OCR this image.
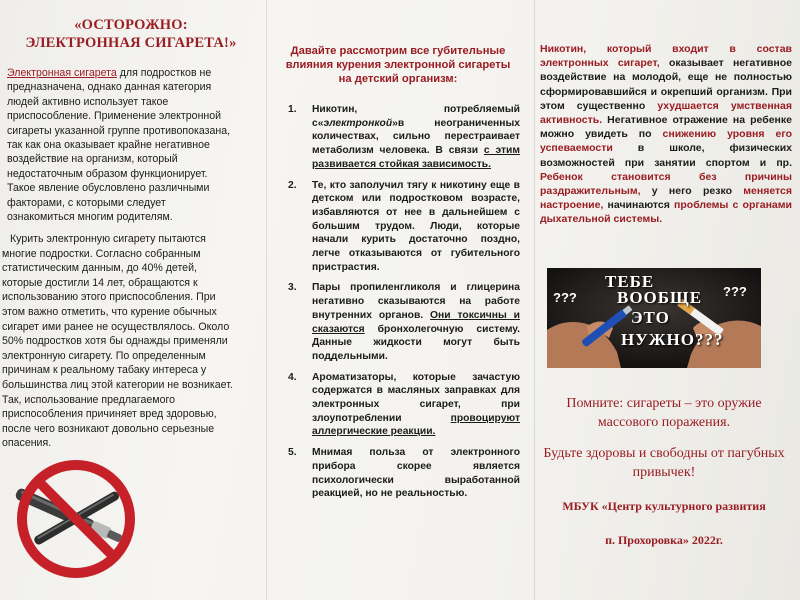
«ОСТОРОЖНО:
ЭЛЕКТРОННАЯ СИГАРЕТА!»

Электронная сигарета для подростков не предназначена, однако данная категория людей активно использует такое приспособление. Применение электронной сигареты указанной группе противопоказана, так как она оказывает крайне негативное воздействие на организм, который недостаточным образом функционирует. Такое явление обусловлено различными факторами, с которыми следует ознакомиться многим родителям.

Курить электронную сигарету пытаются многие подростки. Согласно собранным статистическим данным, до 40% детей, которые достигли 14 лет, обращаются к использованию этого приспособления. При этом важно отметить, что курение обычных сигарет ими ранее не осуществлялось. Около 50% подростков хотя бы однажды применяли электронную сигарету. По определенным причинам к реальному табаку интереса у большинства лиц этой категории не возникает. Так, использование предлагаемого приспособления причиняет вред здоровью, после чего возникают довольно серьезные опасения.

Давайте рассмотрим все губительные влияния курения электронной сигареты на детский организм:
1. Никотин, потребляемый с«электронкой»в неограниченных количествах, сильно перестраивает метаболизм человека. В связи с этим развивается стойкая зависимость.
2. Те, кто заполучил тягу к никотину еще в детском или подростковом возрасте, избавляются от нее в дальнейшем с большим трудом. Люди, которые начали курить достаточно поздно, легче отказываются от губительного пристрастия.
3. Пары пропиленгликоля и глицерина негативно сказываются на работе внутренних органов. Они токсичны и сказаются бронхолегочную систему. Данные жидкости могут быть поддельными.
4. Ароматизаторы, которые зачастую содержатся в масляных заправках для электронных сигарет, при злоупотреблении провоцируют аллергические реакции.
5. Мнимая польза от электронного прибора скорее является психологически выработанной реакцией, но не реальностью.

Никотин, который входит в состав электронных сигарет, оказывает негативное воздействие на молодой, еще не полностью сформировавшийся и окрепший организм. При этом существенно ухудшается умственная активность. Негативное отражение на ребенке можно увидеть по снижению уровня его успеваемости в школе, физических возможностей при занятии спортом и пр. Ребенок становится без причины раздражительным, у него резко меняется настроение, начинаются проблемы с органами дыхательной системы.

ТЕБЕ
ВООБЩЕ
ЭТО
НУЖНО???
???	???

Помните: сигареты – это оружие массового поражения.

Будьте здоровы и свободны от пагубных привычек!

МБУК «Центр культурного развития

п. Прохоровка» 2022г.
